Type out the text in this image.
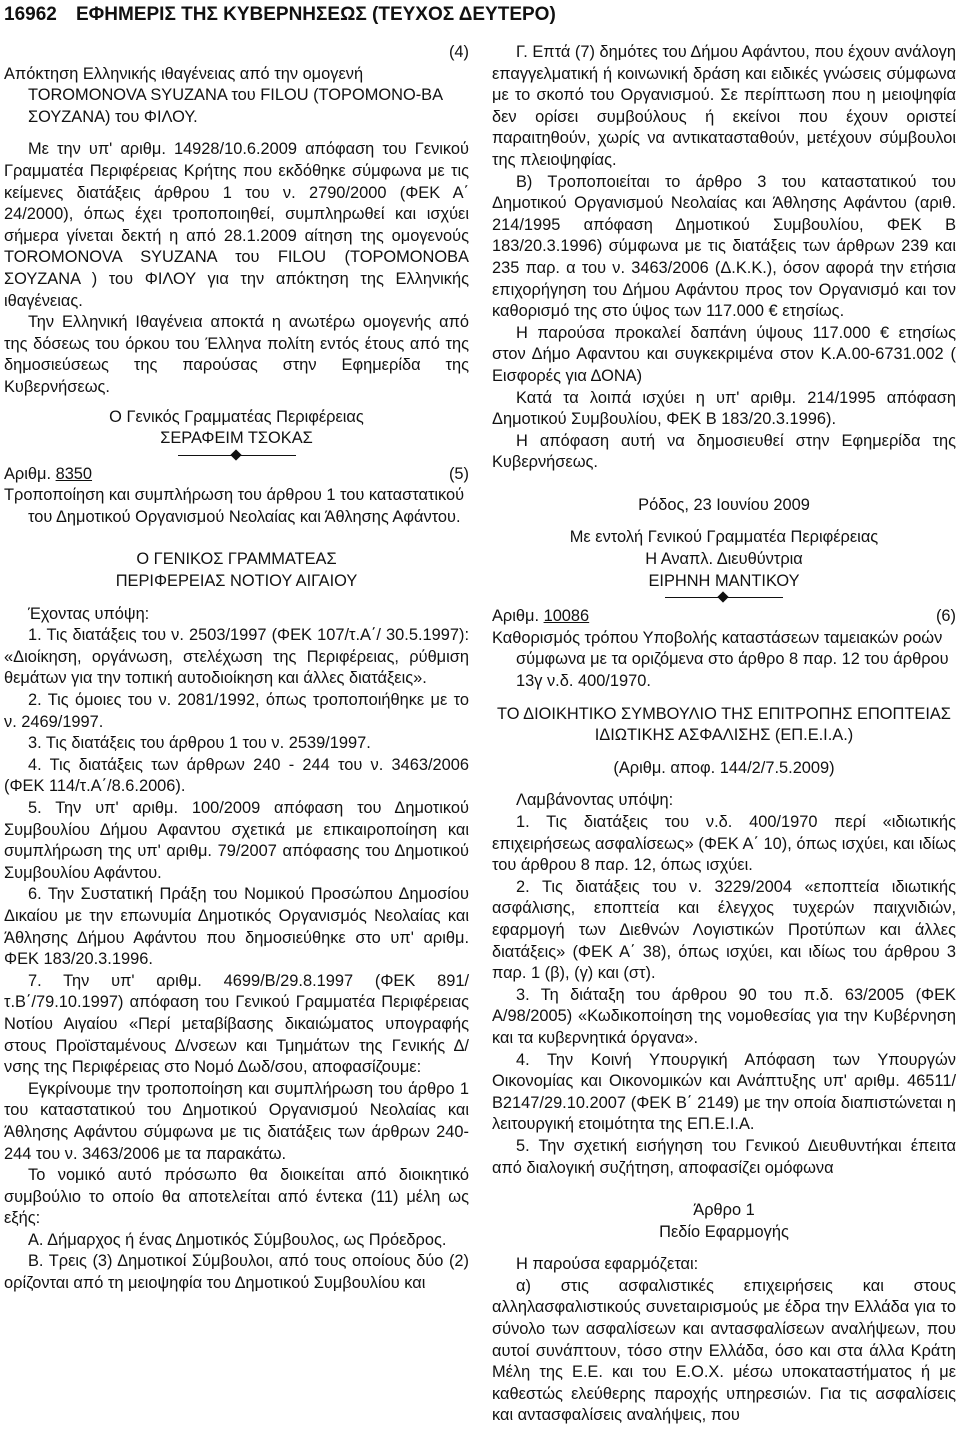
16962 ΕΦΗΜΕΡΙΣ ΤΗΣ ΚΥΒΕΡΝΗΣΕΩΣ (ΤΕΥΧΟΣ ΔΕΥΤΕΡΟ)

(4)

Απόκτηση Ελληνικής ιθαγένειας από την ομογενή TOROMONOVA SYUZANA του FILOU (ΤΟΡΟΜΟΝΟ-ΒΑ ΣΟΥΖΑΝΑ) του ΦΙΛΟΥ.

Με την υπ' αριθμ. 14928/10.6.2009 απόφαση του Γενικού Γραμματέα Περιφέρειας Κρήτης που εκδόθηκε σύμφωνα με τις κείμενες διατάξεις άρθρου 1 του ν. 2790/2000 (ΦΕΚ Α΄ 24/2000), όπως έχει τροποποιηθεί, συμπληρωθεί και ισχύει σήμερα γίνεται δεκτή η από 28.1.2009 αίτηση της ομογενούς TOROMONOVA SYUZANA του FILOU (ΤΟΡΟΜΟΝΟΒΑ ΣΟΥΖΑΝΑ ) του ΦΙΛΟΥ για την απόκτηση της Ελληνικής ιθαγένειας.

Την Ελληνική Ιθαγένεια αποκτά η ανωτέρω ομογενής από της δόσεως του όρκου του Έλληνα πολίτη εντός έτους από της δημοσιεύσεως της παρούσας στην Εφημερίδα της Κυβερνήσεως.

Ο Γενικός Γραμματέας Περιφέρειας

ΣΕΡΑΦΕΙΜ ΤΣΟΚΑΣ

Αριθμ. 8350	(5)

Τροποποίηση και συμπλήρωση του άρθρου 1 του καταστατικού του Δημοτικού Οργανισμού Νεολαίας και Άθλησης Αφάντου.

Ο ΓΕΝΙΚΟΣ ΓΡΑΜΜΑΤΕΑΣ

ΠΕΡΙΦΕΡΕΙΑΣ ΝΟΤΙΟΥ ΑΙΓΑΙΟΥ

Έχοντας υπόψη:

1. Τις διατάξεις του ν. 2503/1997 (ΦΕΚ 107/τ.Α΄/ 30.5.1997): «Διοίκηση, οργάνωση, στελέχωση της Περιφέρειας, ρύθμιση θεμάτων για την τοπική αυτοδιοίκηση και άλλες διατάξεις».

2. Τις όμοιες του ν. 2081/1992, όπως τροποποιήθηκε με το ν. 2469/1997.

3. Τις διατάξεις του άρθρου 1 του ν. 2539/1997.

4. Τις διατάξεις των άρθρων 240 - 244 του ν. 3463/2006 (ΦΕΚ 114/τ.Α΄/8.6.2006).

5. Την υπ' αριθμ. 100/2009 απόφαση του Δημοτικού Συμβουλίου Δήμου Αφαντου σχετικά με επικαιροποίηση και συμπλήρωση της υπ' αριθμ. 79/2007 απόφασης του Δημοτικού Συμβουλίου Αφάντου.

6. Την Συστατική Πράξη του Νομικού Προσώπου Δημοσίου Δικαίου με την επωνυμία Δημοτικός Οργανισμός Νεολαίας και Άθλησης Δήμου Αφάντου που δημοσιεύθηκε στο υπ' αριθμ. ΦΕΚ 183/20.3.1996.

7. Την υπ' αριθμ. 4699/Β/29.8.1997 (ΦΕΚ 891/τ.Β΄/79.10.1997) απόφαση του Γενικού Γραμματέα Περιφέρειας Νοτίου Αιγαίου «Περί μεταβίβασης δικαιώματος υπογραφής στους Προϊσταμένους Δ/νσεων και Τμημάτων της Γενικής Δ/νσης της Περιφέρειας στο Νομό Δωδ/σου, αποφασίζουμε:

Εγκρίνουμε την τροποποίηση και συμπλήρωση του άρθρο 1 του καταστατικού του Δημοτικού Οργανισμού Νεολαίας και Άθλησης Αφάντου σύμφωνα με τις διατάξεις των άρθρων 240-244 του ν. 3463/2006 με τα παρακάτω.

Το νομικό αυτό πρόσωπο θα διοικείται από διοικητικό συμβούλιο το οποίο θα αποτελείται από έντεκα (11) μέλη ως εξής:

Α. Δήμαρχος ή ένας Δημοτικός Σύμβουλος, ως Πρόεδρος.

Β. Τρεις (3) Δημοτικοί Σύμβουλοι, από τους οποίους δύο (2) ορίζονται από τη μειοψηφία του Δημοτικού Συμβουλίου και

Γ. Επτά (7) δημότες του Δήμου Αφάντου, που έχουν ανάλογη επαγγελματική ή κοινωνική δράση και ειδικές γνώσεις σύμφωνα με το σκοπό του Οργανισμού. Σε περίπτωση που η μειοψηφία δεν ορίσει συμβούλους ή εκείνοι που έχουν οριστεί παραιτηθούν, χωρίς να αντικατασταθούν, μετέχουν σύμβουλοι της πλειοψηφίας.

Β) Τροποποιείται το άρθρο 3 του καταστατικού του Δημοτικού Οργανισμού Νεολαίας και Άθλησης Αφάντου (αριθ. 214/1995 απόφαση Δημοτικού Συμβουλίου, ΦΕΚ Β 183/20.3.1996) σύμφωνα με τις διατάξεις των άρθρων 239 και 235 παρ. α του ν. 3463/2006 (Δ.Κ.Κ.), όσον αφορά την ετήσια επιχορήγηση του Δήμου Αφάντου προς τον Οργανισμό και τον καθορισμό της στο ύψος των 117.000 € ετησίως.

Η παρούσα προκαλεί δαπάνη ύψους 117.000 € ετησίως στον Δήμο Αφαντου και συγκεκριμένα στον Κ.Α.00-6731.002 ( Εισφορές για ΔΟΝΑ)

Κατά τα λοιπά ισχύει η υπ' αριθμ. 214/1995 απόφαση Δημοτικού Συμβουλίου, ΦΕΚ Β 183/20.3.1996).

Η απόφαση αυτή να δημοσιευθεί στην Εφημερίδα της Κυβερνήσεως.

Ρόδος, 23 Ιουνίου 2009

Με εντολή Γενικού Γραμματέα Περιφέρειας

Η Αναπλ. Διευθύντρια

ΕΙΡΗΝΗ ΜΑΝΤΙΚΟΥ

Αριθμ. 10086	(6)

Καθορισμός τρόπου Υποβολής καταστάσεων ταμειακών ροών σύμφωνα με τα οριζόμενα στο άρθρο 8 παρ. 12 του άρθρου 13γ ν.δ. 400/1970.

ΤΟ ΔΙΟΙΚΗΤΙΚΟ ΣΥΜΒΟΥΛΙΟ ΤΗΣ ΕΠΙΤΡΟΠΗΣ ΕΠΟΠΤΕΙΑΣ ΙΔΙΩΤΙΚΗΣ ΑΣΦΑΛΙΣΗΣ (ΕΠ.Ε.Ι.Α.)

(Αριθμ. αποφ. 144/2/7.5.2009)

Λαμβάνοντας υπόψη:

1. Τις διατάξεις του ν.δ. 400/1970 περί «ιδιωτικής επιχειρήσεως ασφαλίσεως» (ΦΕΚ Α΄ 10), όπως ισχύει, και ιδίως του άρθρου 8 παρ. 12, όπως ισχύει.

2. Τις διατάξεις του ν. 3229/2004 «εποπτεία ιδιωτικής ασφάλισης, εποπτεία και έλεγχος τυχερών παιχνιδιών, εφαρμογή των Διεθνών Λογιστικών Προτύπων και άλλες διατάξεις» (ΦΕΚ Α΄ 38), όπως ισχύει, και ιδίως του άρθρου 3 παρ. 1 (β), (γ) και (στ).

3. Τη διάταξη του άρθρου 90 του π.δ. 63/2005 (ΦΕΚ Α/98/2005) «Κωδικοποίηση της νομοθεσίας για την Κυβέρνηση και τα κυβερνητικά όργανα».

4. Την Κοινή Υπουργική Απόφαση των Υπουργών Οικονομίας και Οικονομικών και Ανάπτυξης υπ' αριθμ. 46511/Β2147/29.10.2007 (ΦΕΚ Β΄ 2149) με την οποία διαπιστώνεται η λειτουργική ετοιμότητα της ΕΠ.Ε.Ι.Α.

5. Την σχετική εισήγηση του Γενικού Διευθυντήκαι έπειτα από διαλογική συζήτηση, αποφασίζει ομόφωνα

Άρθρο 1

Πεδίο Εφαρμογής

Η παρούσα εφαρμόζεται:

α) στις ασφαλιστικές επιχειρήσεις και στους αλληλασφαλιστικούς συνεταιρισμούς με έδρα την Ελλάδα για το σύνολο των ασφαλίσεων και αντασφαλίσεων αναλήψεων, που αυτοί συνάπτουν, τόσο στην Ελλάδα, όσο και στα άλλα Κράτη Μέλη της Ε.Ε. και του Ε.Ο.Χ. μέσω υποκαταστήματος ή με καθεστώς ελεύθερης παροχής υπηρεσιών. Για τις ασφαλίσεις και αντασφαλίσεις αναλήψεις, που
